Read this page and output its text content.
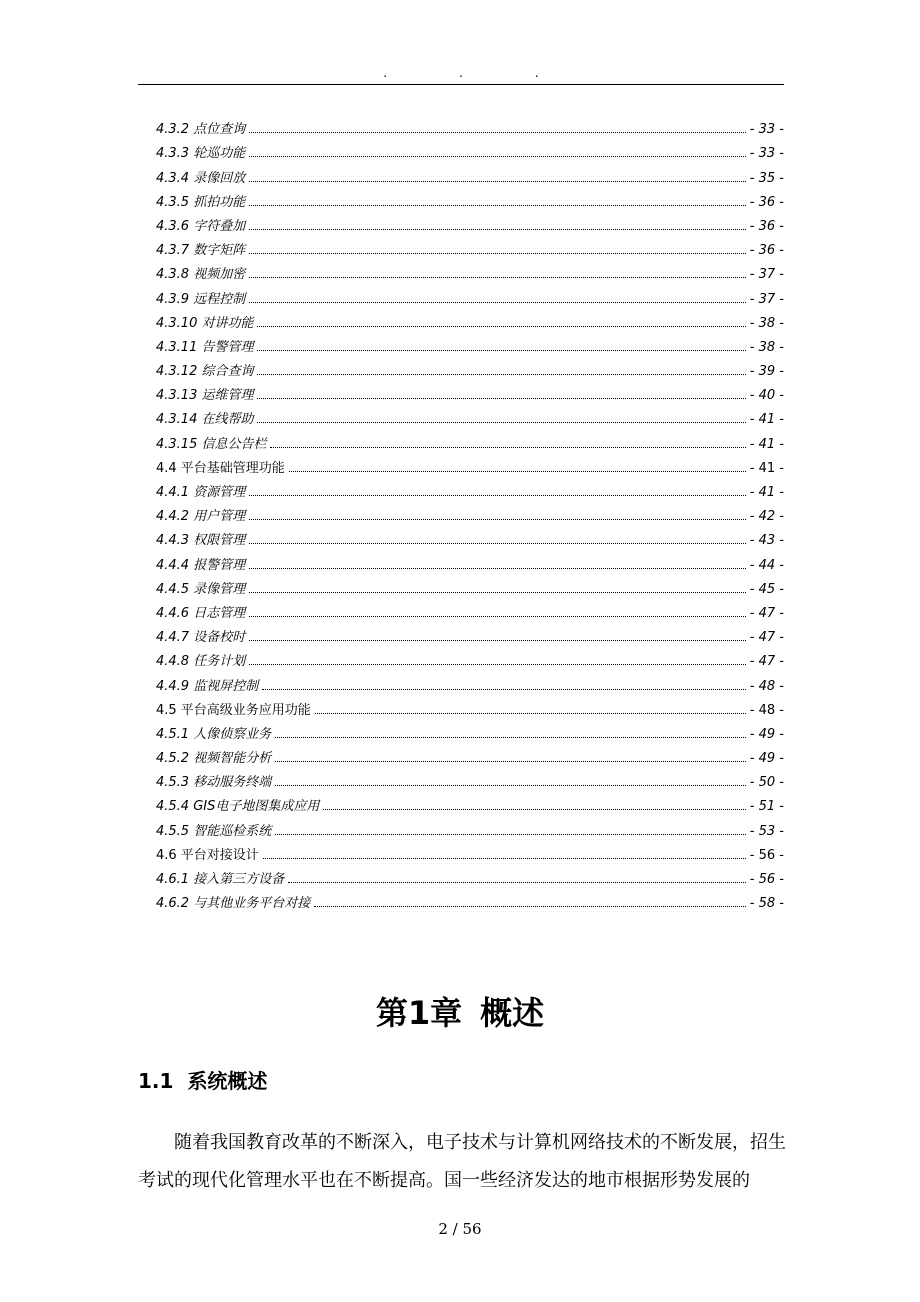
.	.	.
4.3.2 点位查询	- 33 -
4.3.3 轮巡功能	- 33 -
4.3.4 录像回放	- 35 -
4.3.5 抓拍功能	- 36 -
4.3.6 字符叠加	- 36 -
4.3.7 数字矩阵	- 36 -
4.3.8 视频加密	- 37 -
4.3.9 远程控制	- 37 -
4.3.10 对讲功能	- 38 -
4.3.11 告警管理	- 38 -
4.3.12 综合查询	- 39 -
4.3.13 运维管理	- 40 -
4.3.14 在线帮助	- 41 -
4.3.15 信息公告栏	- 41 -
4.4 平台基础管理功能	- 41 -
4.4.1 资源管理	- 41 -
4.4.2 用户管理	- 42 -
4.4.3 权限管理	- 43 -
4.4.4 报警管理	- 44 -
4.4.5 录像管理	- 45 -
4.4.6 日志管理	- 47 -
4.4.7 设备校时	- 47 -
4.4.8 任务计划	- 47 -
4.4.9 监视屏控制	- 48 -
4.5 平台高级业务应用功能	- 48 -
4.5.1 人像侦察业务	- 49 -
4.5.2 视频智能分析	- 49 -
4.5.3 移动服务终端	- 50 -
4.5.4 GIS电子地图集成应用	- 51 -
4.5.5 智能巡检系统	- 53 -
4.6 平台对接设计	- 56 -
4.6.1 接入第三方设备	- 56 -
4.6.2 与其他业务平台对接	- 58 -
第1章 概述
1.1 系统概述

随着我国教育改革的不断深入，电子技术与计算机网络技术的不断发展，招生考试的现代化管理水平也在不断提高。国一些经济发达的地市根据形势发展的

2 / 56
